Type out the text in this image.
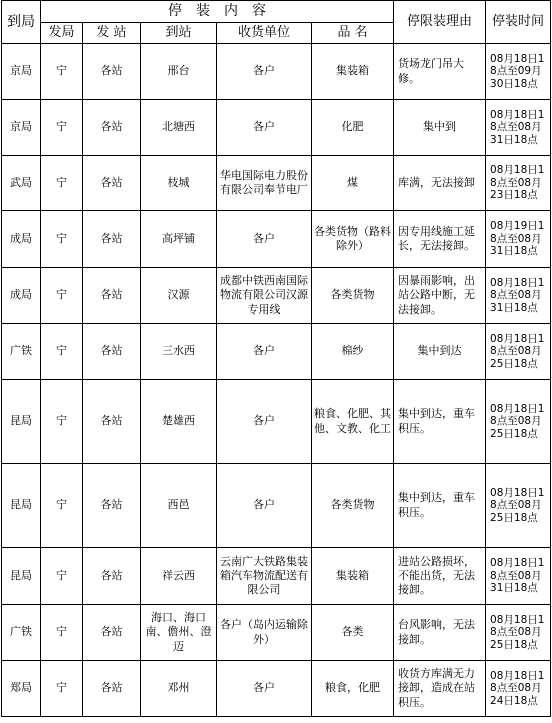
到局	停　装　内　容					停限装理由	停装时间
	发局	发 站	到站	收货单位	品 名		
京局	宁	各站	邢台	各户	集装箱	货场龙门吊大修。	08月18日18点至09月30日18点
京局	宁	各站	北塘西	各户	化肥	集中到	08月18日18点至08月31日18点
武局	宁	各站	枝城	华电国际电力股份有限公司奉节电厂	煤	库满，无法接卸	08月18日18点至08月23日18点
成局	宁	各站	高坪铺	各户	各类货物（路料除外）	因专用线施工延长，无法接卸。	08月19日18点至08月31日18点
成局	宁	各站	汉源	成都中铁西南国际物流有限公司汉源专用线	各类货物	因暴雨影响，出站公路中断，无法接卸。	08月18日18点至08月31日18点
广铁	宁	各站	三水西	各户	棉纱	集中到达	08月18日18点至08月25日18点
昆局	宁	各站	楚雄西	各户	粮食、化肥、其他、文教、化工	集中到达，重车积压。	08月18日18点至08月25日18点
昆局	宁	各站	西邑	各户	各类货物	集中到达，重车积压。	08月18日18点至08月25日18点
昆局	宁	各站	祥云西	云南广大铁路集装箱汽车物流配送有限公司	集装箱	进站公路损坏，不能出货，无法接卸。	08月18日18点至08月31日18点
广铁	宁	各站	海口、海口南、儋州、澄迈	各户（岛内运输除外）	各类	台风影响，无法接卸。	08月18日18点至08月25日18点
郑局	宁	各站	邓州	各户	粮食，化肥	收货方库满无力接卸，造成在站积压。	08月18日18点至08月24日18点
